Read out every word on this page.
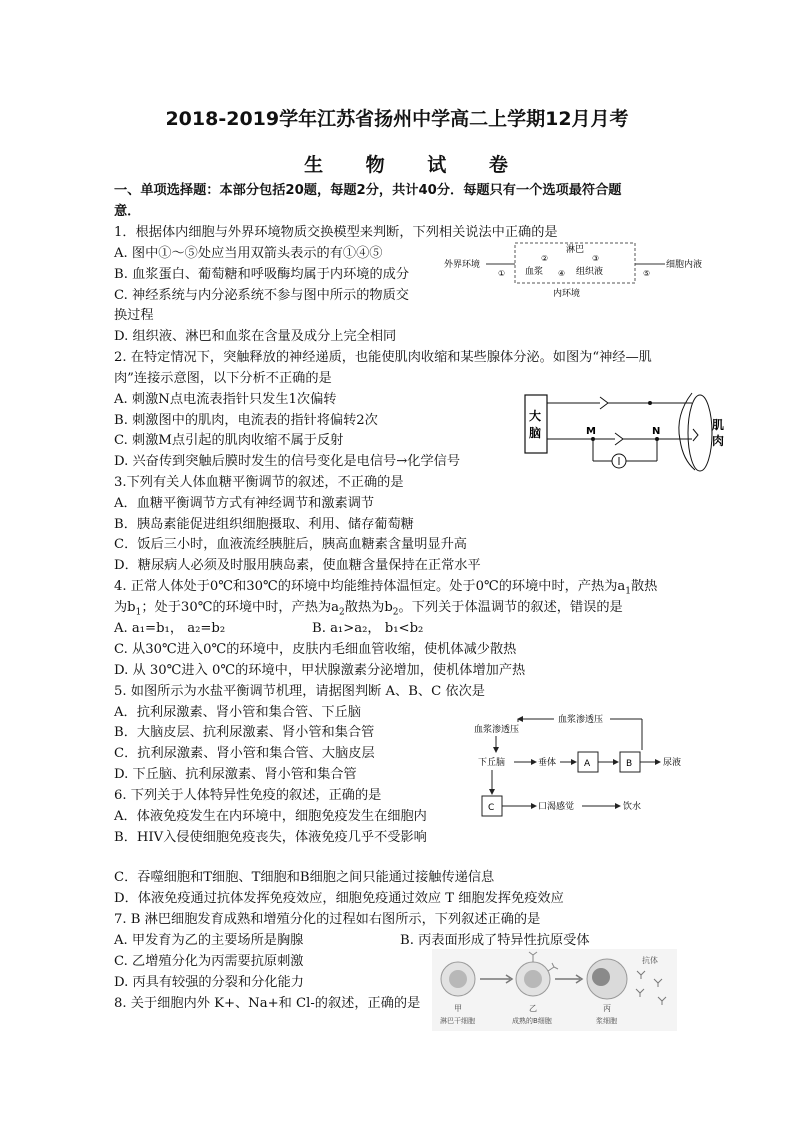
2018-2019学年江苏省扬州中学高二上学期12月月考
生 物 试 卷
一、单项选择题：本部分包括20题，每题2分，共计40分．每题只有一个选项最符合题
意．
1．根据体内细胞与外界环境物质交换模型来判断，下列相关说法中正确的是
A. 图中①～⑤处应当用双箭头表示的有①④⑤
B. 血浆蛋白、葡萄糖和呼吸酶均属于内环境的成分
C. 神经系统与内分泌系统不参与图中所示的物质交
换过程
D. 组织液、淋巴和血浆在含量及成分上完全相同
外界环境
淋巴
血浆	组织液
②	③
④
①	⑤
细胞内液
内环境
2. 在特定情况下，突触释放的神经递质，也能使肌肉收缩和某些腺体分泌。如图为“神经—肌
肉”连接示意图，以下分析不正确的是
A. 刺激N点电流表指针只发生1次偏转
B. 刺激图中的肌肉，电流表的指针将偏转2次
C. 刺激M点引起的肌肉收缩不属于反射
D. 兴奋传到突触后膜时发生的信号变化是电信号→化学信号
大
脑	M	N	肌
肉
3.下列有关人体血糖平衡调节的叙述，不正确的是
A．血糖平衡调节方式有神经调节和激素调节
B．胰岛素能促进组织细胞摄取、利用、储存葡萄糖
C．饭后三小时，血液流经胰脏后，胰高血糖素含量明显升高
D．糖尿病人必须及时服用胰岛素，使血糖含量保持在正常水平
4. 正常人体处于0℃和30℃的环境中均能维持体温恒定。处于0℃的环境中时，产热为$a_1$散热
为$b_1$；处于30℃的环境中时，产热为$a_2$散热为$b_2$。下列关于体温调节的叙述，错误的是
A. a₁=b₁， a₂=b₂	B. a₁>a₂， b₁<b₂
C. 从30℃进入0℃的环境中，皮肤内毛细血管收缩，使机体减少散热
D. 从 30℃进入 0℃的环境中，甲状腺激素分泌增加，使机体增加产热
5. 如图所示为水盐平衡调节机理，请据图判断 A、B、C 依次是
A．抗利尿激素、肾小管和集合管、下丘脑
B．大脑皮层、抗利尿激素、肾小管和集合管
C．抗利尿激素、肾小管和集合管、大脑皮层
D. 下丘脑、抗利尿激素、肾小管和集合管
血浆渗透压
血浆渗透压
下丘脑	垂体	A	B	尿液
C	口渴感觉	饮水
6. 下列关于人体特异性免疫的叙述，正确的是
A．体液免疫发生在内环境中，细胞免疫发生在细胞内
B．HIV入侵使细胞免疫丧失，体液免疫几乎不受影响
C．吞噬细胞和T细胞、T细胞和B细胞之间只能通过接触传递信息
D．体液免疫通过抗体发挥免疫效应，细胞免疫通过效应 T 细胞发挥免疫效应
7. B 淋巴细胞发育成熟和增殖分化的过程如右图所示，下列叙述正确的是
A. 甲发育为乙的主要场所是胸腺	B. 丙表面形成了特异性抗原受体
C. 乙增殖分化为丙需要抗原刺激
D. 丙具有较强的分裂和分化能力
8. 关于细胞内外 K+、Na+和 Cl-的叙述，正确的是
抗体
甲
淋巴干细胞
乙
成熟的B细胞
丙
浆细胞
